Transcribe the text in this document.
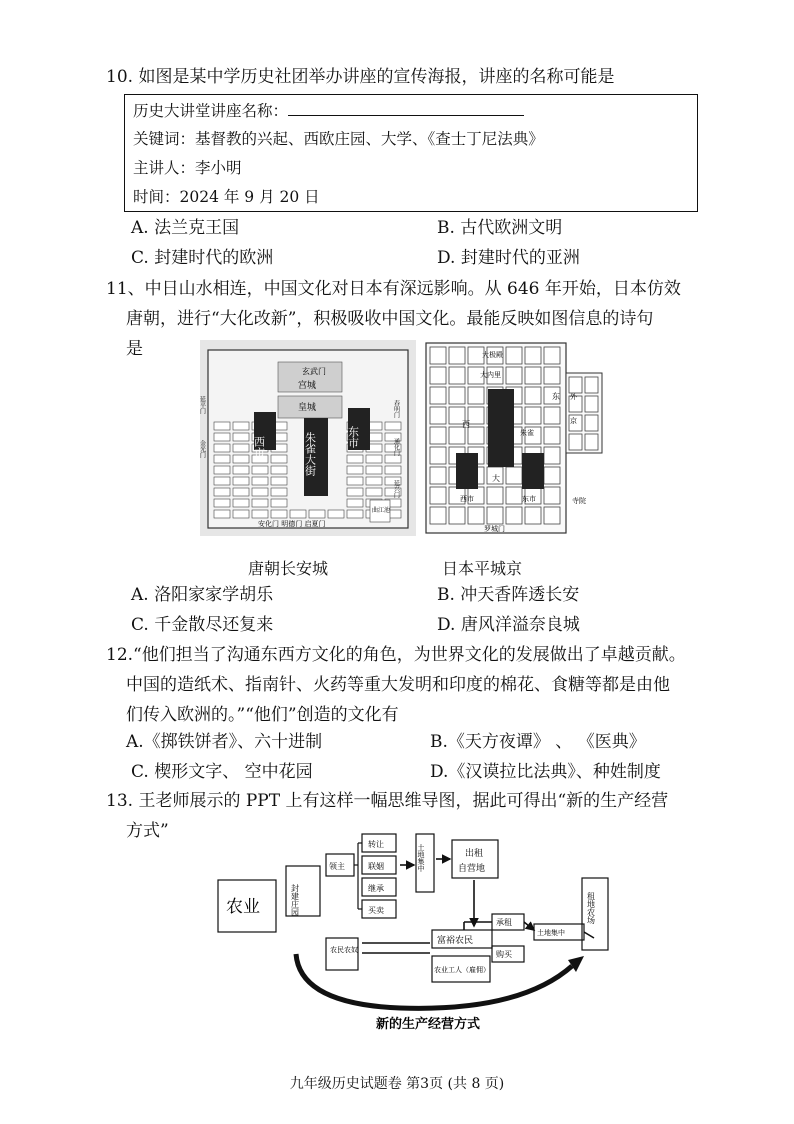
10. 如图是某中学历史社团举办讲座的宣传海报，讲座的名称可能是
历史大讲堂讲座名称：
关键词：基督教的兴起、西欧庄园、大学、《查士丁尼法典》
主讲人：李小明
时间：2024 年 9 月 20 日
A. 法兰克王国	B. 古代欧洲文明
C. 封建时代的欧洲	D. 封建时代的亚洲
11、中日山水相连，中国文化对日本有深远影响。从 646 年开始，日本仿效
唐朝，进行“大化改新”，积极吸收中国文化。最能反映如图信息的诗句
是
玄武门
宫城
皇城
西市	朱雀大街	东市
春明门
延平门
金光门	通化门
延兴门
安化门 明德门 启夏门
曲江池
大极殿
大内里
东
西
朱雀
大
西市	东市
罗城门
外
京
寺院
唐朝长安城	日本平城京
A. 洛阳家家学胡乐	B. 冲天香阵透长安
C. 千金散尽还复来	D. 唐风洋溢奈良城
12.“他们担当了沟通东西方文化的角色，为世界文化的发展做出了卓越贡献。
中国的造纸术、指南针、火药等重大发明和印度的棉花、食糖等都是由他
们传入欧洲的。”“他们”创造的文化有
A.《掷铁饼者》、六十进制	B.《天方夜谭》 、 《医典》
C. 楔形文字、 空中花园	D.《汉谟拉比法典》、种姓制度
13. 王老师展示的 PPT 上有这样一幅思维导图，据此可得出“新的生产经营
方式”
农业	封建庄园
领主
转让
联姻
继承
买卖
土地集中	出租
自营地
农民农奴
富裕农民
农业工人（雇佣）
承租
购买
土地集中
租地农场
新的生产经营方式
九年级历史试题卷 第3页 (共 8 页)
